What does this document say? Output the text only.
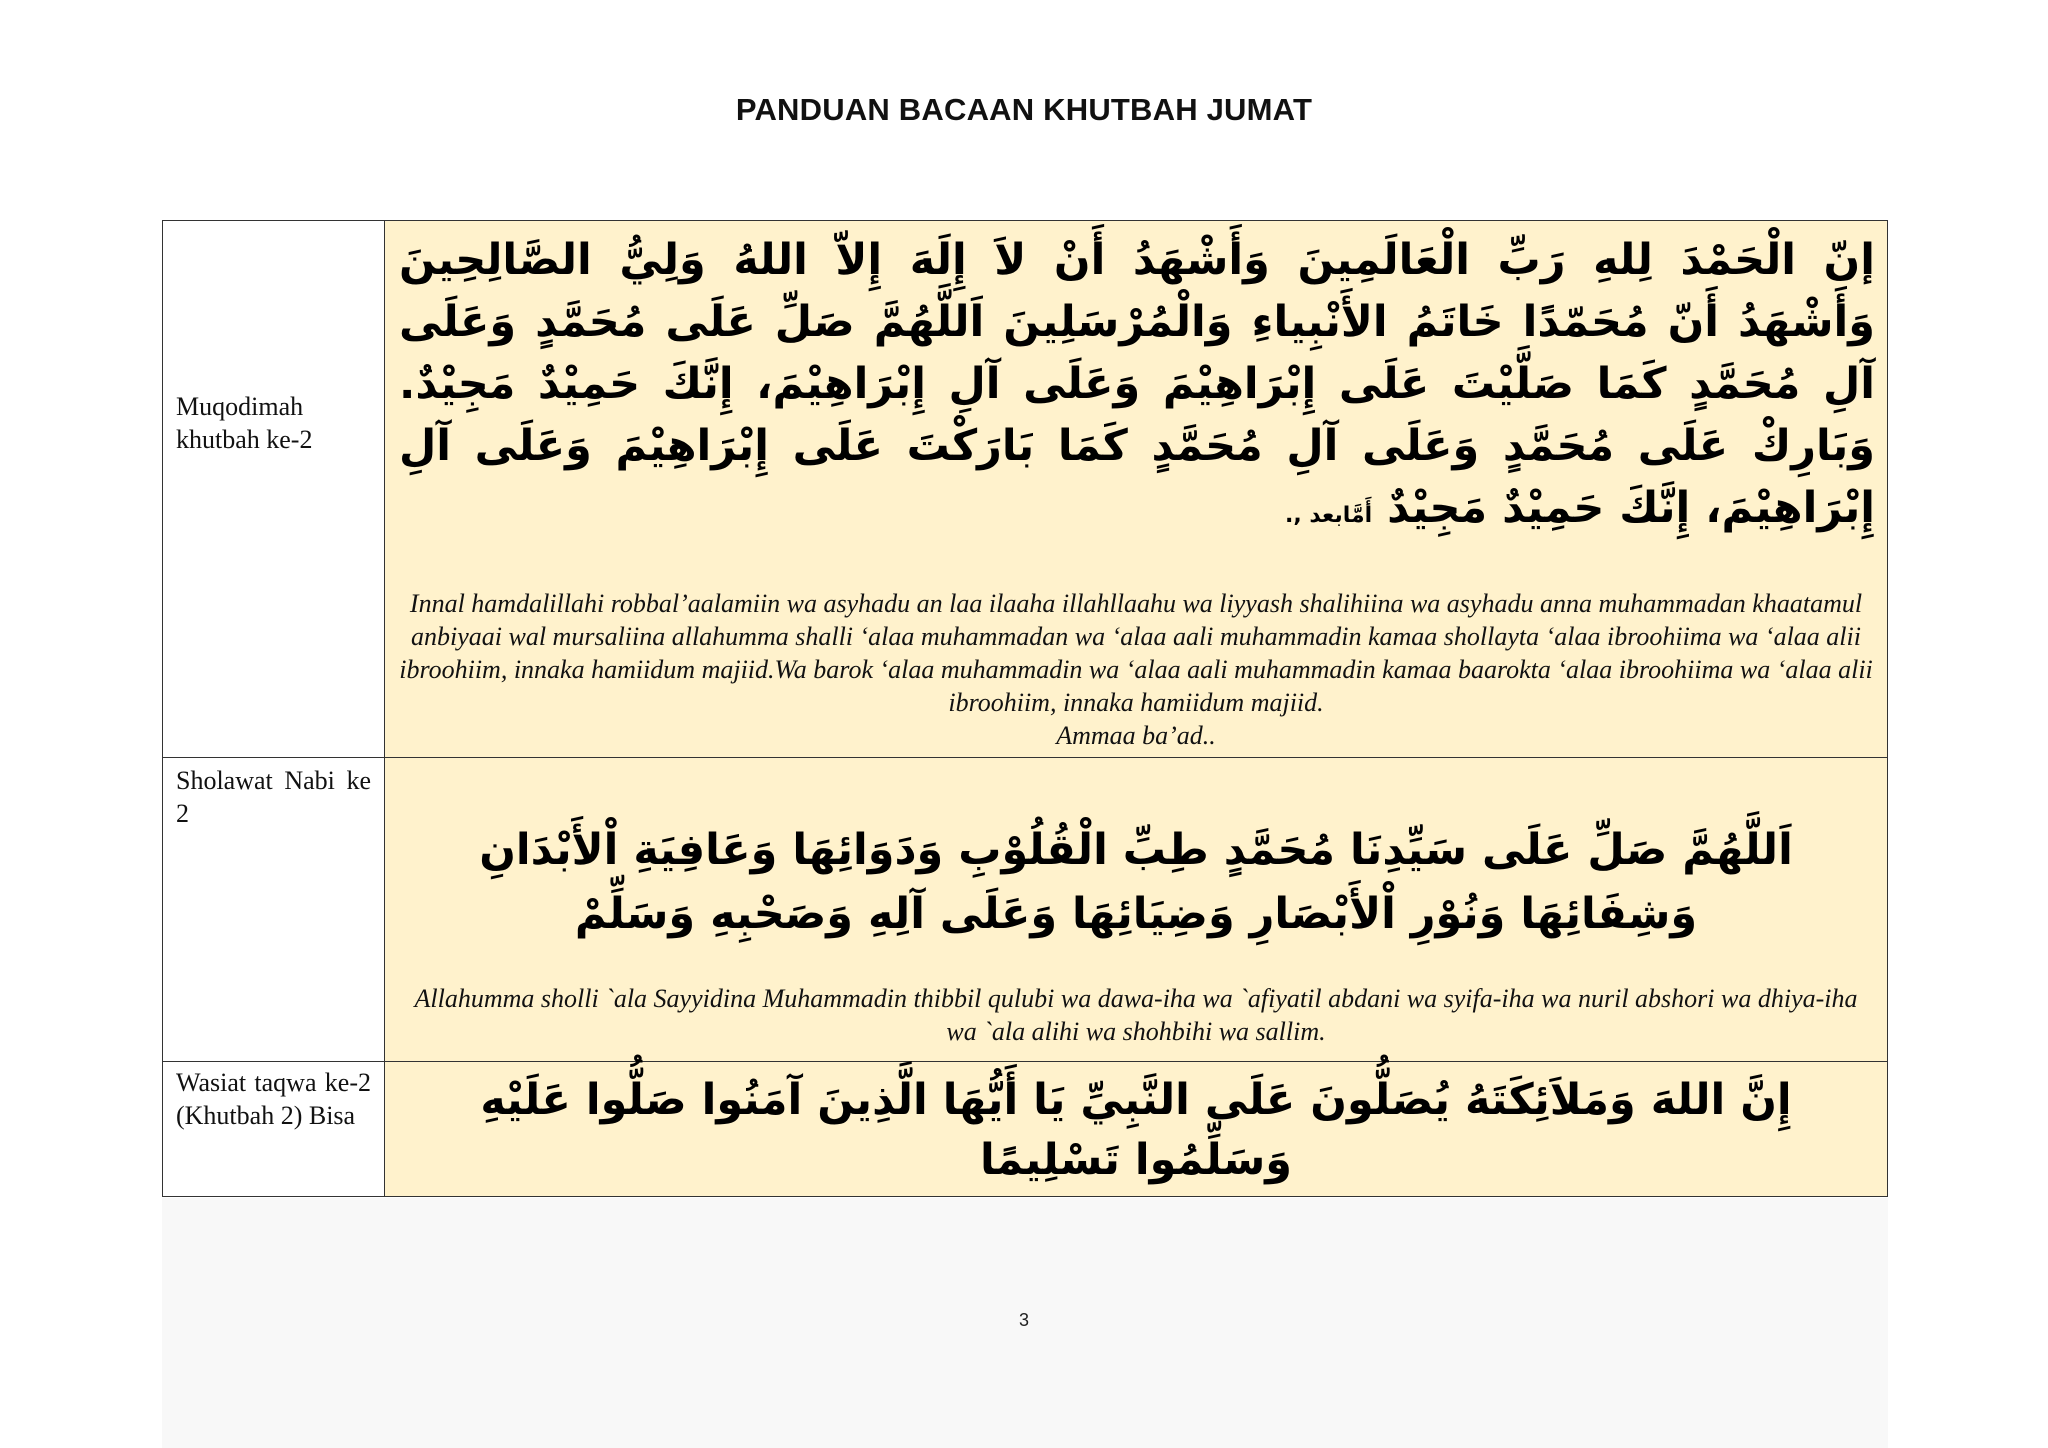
PANDUAN BACAAN KHUTBAH JUMAT
Muqodimah khutbah ke-2	إنّ الْحَمْدَ لِلهِ رَبِّ الْعَالَمِينَ وَأَشْهَدُ أَنْ لاَ إِلَهَ إِلاّ اللهُ وَلِيُّ الصَّالِحِينَ وَأَشْهَدُ أَنّ مُحَمّدًا خَاتَمُ الأَنْبِياءِ وَالْمُرْسَلِينَ اَللَّهُمَّ صَلِّ عَلَى مُحَمَّدٍ وَعَلَى آلِ مُحَمَّدٍ كَمَا صَلَّيْتَ عَلَى إِبْرَاهِيْمَ وَعَلَى آلِ إِبْرَاهِيْمَ، إِنَّكَ حَمِيْدٌ مَجِيْدٌ. وَبَارِكْ عَلَى مُحَمَّدٍ وَعَلَى آلِ مُحَمَّدٍ كَمَا بَارَكْتَ عَلَى إِبْرَاهِيْمَ وَعَلَى آلِ إِبْرَاهِيْمَ، إِنَّكَ حَمِيْدٌ مَجِيْدٌ أَمَّابعد ,.
Innal hamdalillahi robbal’aalamiin wa asyhadu an laa ilaaha illahllaahu wa liyyash shalihiina wa asyhadu anna muhammadan khaatamul anbiyaai wal mursaliina allahumma shalli ‘alaa muhammadan wa ‘alaa aali muhammadin kamaa shollayta ‘alaa ibroohiima wa ‘alaa alii ibroohiim, innaka hamiidum majiid.Wa barok ‘alaa muhammadin wa ‘alaa aali muhammadin kamaa baarokta ‘alaa ibroohiima wa ‘alaa alii ibroohiim, innaka hamiidum majiid.
Ammaa ba’ad..

Sholawat Nabi ke 2	اَللَّهُمَّ صَلِّ عَلَى سَيِّدِنَا مُحَمَّدٍ طِبِّ الْقُلُوْبِ وَدَوَائِهَا وَعَافِيَةِ اْلأَبْدَانِ وَشِفَائِهَا وَنُوْرِ اْلأَبْصَارِ وَضِيَائِهَا وَعَلَى آلِهِ وَصَحْبِهِ وَسَلِّمْ
Allahumma sholli `ala Sayyidina Muhammadin thibbil qulubi wa dawa-iha wa `afiyatil abdani wa syifa-iha wa nuril abshori wa dhiya-iha wa `ala alihi wa shohbihi wa sallim.

Wasiat taqwa ke-2 (Khutbah 2) Bisa	إِنَّ اللهَ وَمَلاَئِكَتَهُ يُصَلُّونَ عَلَى النَّبِيِّ يَا أَيُّهَا الَّذِينَ آمَنُوا صَلُّوا عَلَيْهِ وَسَلِّمُوا تَسْلِيمًا
3
